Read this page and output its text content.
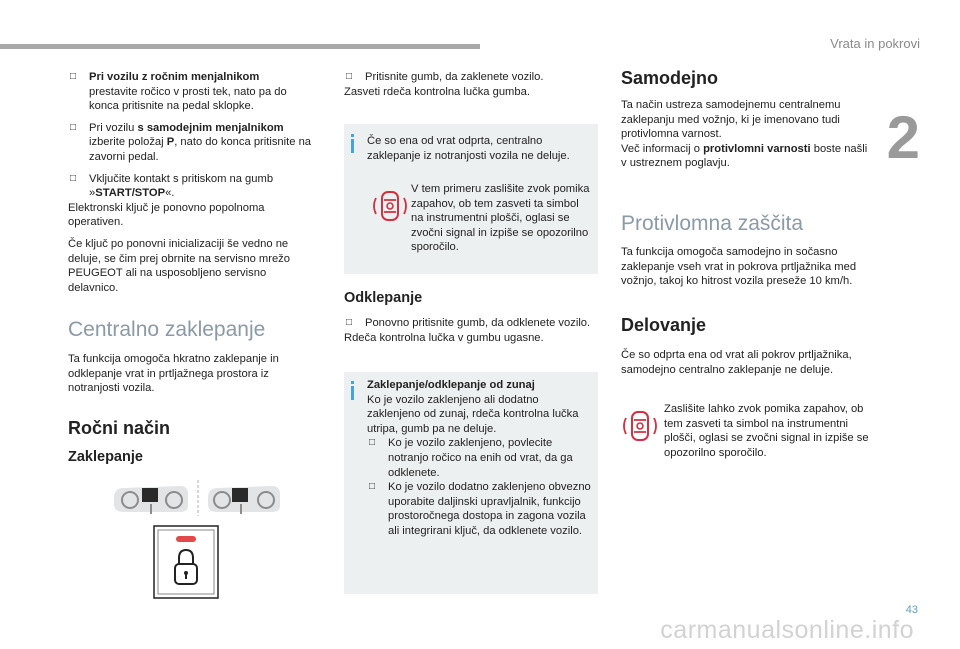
Vrata in pokrovi
2
43
carmanualsonline.info
□	Pri vozilu z ročnim menjalnikom
prestavite ročico v prosti tek, nato pa do konca pritisnite na pedal sklopke.
□	Pri vozilu s samodejnim menjalnikom izberite položaj P, nato do konca pritisnite na zavorni pedal.
□	Vključite kontakt s pritiskom na gumb »START/STOP«.

Elektronski ključ je ponovno popolnoma operativen.

Če ključ po ponovni inicializaciji še vedno ne deluje, se čim prej obrnite na servisno mrežo PEUGEOT ali na usposobljeno servisno delavnico.

Centralno zaklepanje

Ta funkcija omogoča hkratno zaklepanje in odklepanje vrat in prtljažnega prostora iz notranjosti vozila.

Ročni način
Zaklepanje
□	Pritisnite gumb, da zaklenete vozilo.

Zasveti rdeča kontrolna lučka gumba.

Če so ena od vrat odprta, centralno zaklepanje iz notranjosti vozila ne deluje.
V tem primeru zaslišite zvok pomika zapahov, ob tem zasveti ta simbol na instrumentni plošči, oglasi se zvočni signal in izpiše se opozorilno sporočilo.
Odklepanje
□	Ponovno pritisnite gumb, da odklenete vozilo.

Rdeča kontrolna lučka v gumbu ugasne.

Zaklepanje/odklepanje od zunaj
Ko je vozilo zaklenjeno ali dodatno zaklenjeno od zunaj, rdeča kontrolna lučka utripa, gumb pa ne deluje.
□	Ko je vozilo zaklenjeno, povlecite notranjo ročico na enih od vrat, da ga odklenete.
□	Ko je vozilo dodatno zaklenjeno obvezno uporabite daljinski upravljalnik, funkcijo prostoročnega dostopa in zagona vozila ali integrirani ključ, da odklenete vozilo.
Samodejno

Ta način ustreza samodejnemu centralnemu zaklepanju med vožnjo, ki je imenovano tudi protivlomna varnost.
Več informacij o protivlomni varnosti boste našli v ustreznem poglavju.

Protivlomna zaščita

Ta funkcija omogoča samodejno in sočasno zaklepanje vseh vrat in pokrova prtljažnika med vožnjo, takoj ko hitrost vozila preseže 10 km/h.

Delovanje

Če so odprta ena od vrat ali pokrov prtljažnika, samodejno centralno zaklepanje ne deluje.

Zaslišite lahko zvok pomika zapahov, ob tem zasveti ta simbol na instrumentni plošči, oglasi se zvočni signal in izpiše se opozorilno sporočilo.
